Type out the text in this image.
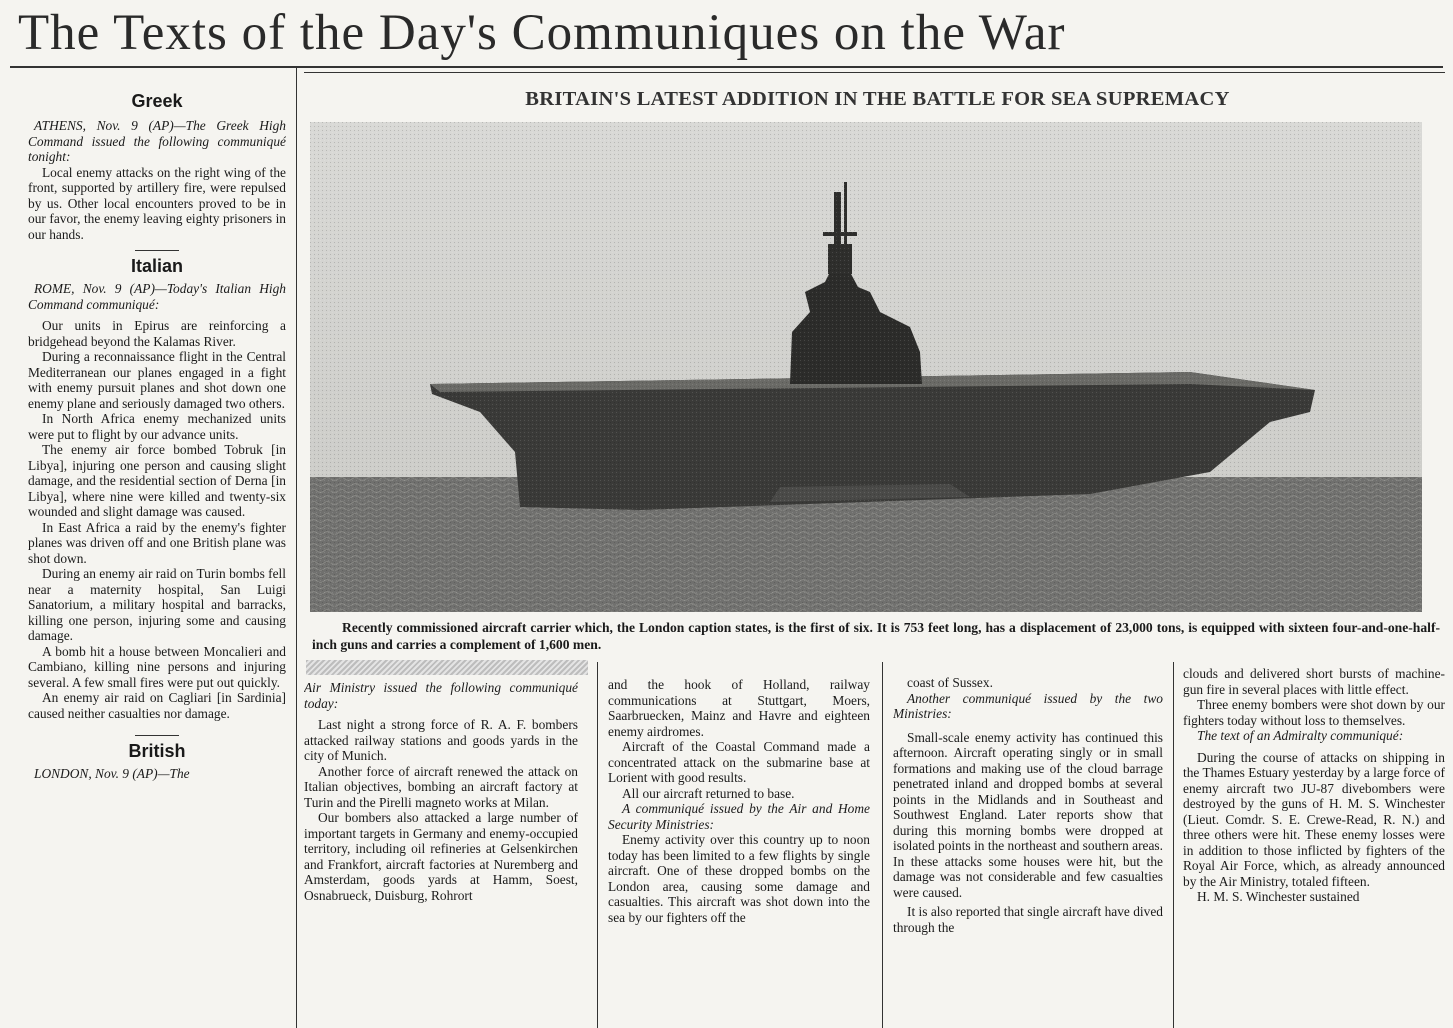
The Texts of the Day's Communiques on the War
Greek

ATHENS, Nov. 9 (AP)—The Greek High Command issued the following communiqué tonight:

Local enemy attacks on the right wing of the front, supported by artillery fire, were repulsed by us. Other local encounters proved to be in our favor, the enemy leaving eighty prisoners in our hands.

Italian

ROME, Nov. 9 (AP)—Today's Italian High Command communiqué:

Our units in Epirus are reinforcing a bridgehead beyond the Kalamas River.

During a reconnaissance flight in the Central Mediterranean our planes engaged in a fight with enemy pursuit planes and shot down one enemy plane and seriously damaged two others.

In North Africa enemy mechanized units were put to flight by our advance units.

The enemy air force bombed Tobruk [in Libya], injuring one person and causing slight damage, and the residential section of Derna [in Libya], where nine were killed and twenty-six wounded and slight damage was caused.

In East Africa a raid by the enemy's fighter planes was driven off and one British plane was shot down.

During an enemy air raid on Turin bombs fell near a maternity hospital, San Luigi Sanatorium, a military hospital and barracks, killing one person, injuring some and causing damage.

A bomb hit a house between Moncalieri and Cambiano, killing nine persons and injuring several. A few small fires were put out quickly.

An enemy air raid on Cagliari [in Sardinia] caused neither casualties nor damage.

British

LONDON, Nov. 9 (AP)—The

BRITAIN'S LATEST ADDITION IN THE BATTLE FOR SEA SUPREMACY
Recently commissioned aircraft carrier which, the London caption states, is the first of six. It is 753 feet long, has a displacement of 23,000 tons, is equipped with sixteen four-and-one-half-inch guns and carries a complement of 1,600 men.

Air Ministry issued the following communiqué today:

Last night a strong force of R. A. F. bombers attacked railway stations and goods yards in the city of Munich.

Another force of aircraft renewed the attack on Italian objectives, bombing an aircraft factory at Turin and the Pirelli magneto works at Milan.

Our bombers also attacked a large number of important targets in Germany and enemy-occupied territory, including oil refineries at Gelsenkirchen and Frankfort, aircraft factories at Nuremberg and Amsterdam, goods yards at Hamm, Soest, Osnabrueck, Duisburg, Rohrort

and the hook of Holland, railway communications at Stuttgart, Moers, Saarbruecken, Mainz and Havre and eighteen enemy airdromes.

Aircraft of the Coastal Command made a concentrated attack on the submarine base at Lorient with good results.

All our aircraft returned to base.

A communiqué issued by the Air and Home Security Ministries:

Enemy activity over this country up to noon today has been limited to a few flights by single aircraft. One of these dropped bombs on the London area, causing some damage and casualties. This aircraft was shot down into the sea by our fighters off the

coast of Sussex.

Another communiqué issued by the two Ministries:

Small-scale enemy activity has continued this afternoon. Aircraft operating singly or in small formations and making use of the cloud barrage penetrated inland and dropped bombs at several points in the Midlands and in Southeast and Southwest England. Later reports show that during this morning bombs were dropped at isolated points in the northeast and southern areas. In these attacks some houses were hit, but the damage was not considerable and few casualties were caused.

It is also reported that single aircraft have dived through the

clouds and delivered short bursts of machine-gun fire in several places with little effect.

Three enemy bombers were shot down by our fighters today without loss to themselves.

The text of an Admiralty communiqué:

During the course of attacks on shipping in the Thames Estuary yesterday by a large force of enemy aircraft two JU-87 divebombers were destroyed by the guns of H. M. S. Winchester (Lieut. Comdr. S. E. Crewe-Read, R. N.) and three others were hit. These enemy losses were in addition to those inflicted by fighters of the Royal Air Force, which, as already announced by the Air Ministry, totaled fifteen.

H. M. S. Winchester sustained
